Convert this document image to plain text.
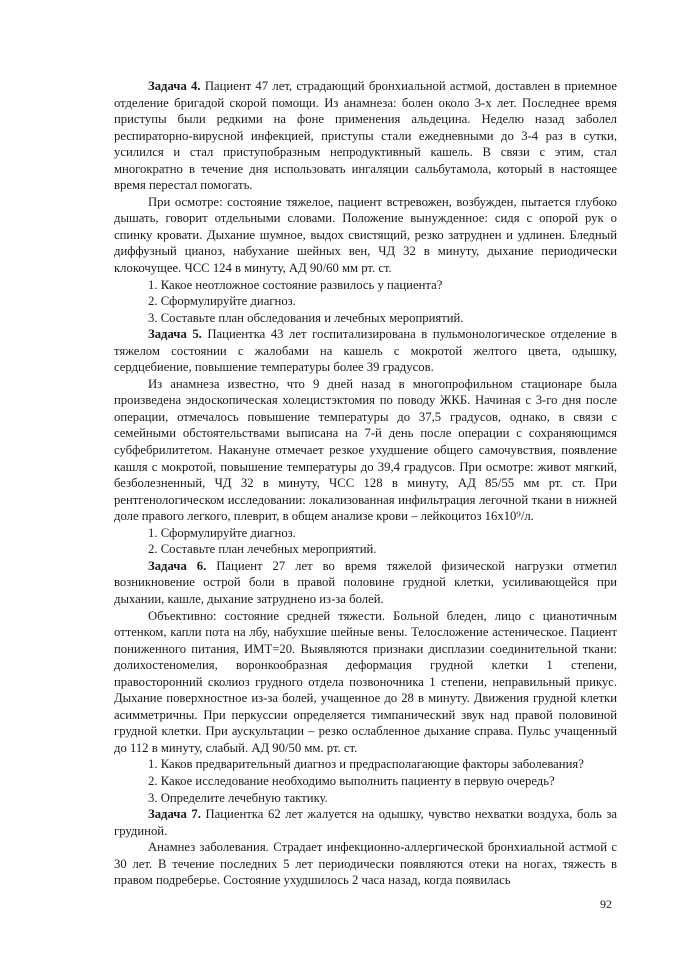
Задача 4. Пациент 47 лет, страдающий бронхиальной астмой, доставлен в приемное отделение бригадой скорой помощи. Из анамнеза: болен около 3-х лет. Последнее время приступы были редкими на фоне применения альдецина. Неделю назад заболел респираторно-вирусной инфекцией, приступы стали ежедневными до 3-4 раз в сутки, усилился и стал приступобразным непродуктивный кашель. В связи с этим, стал многократно в течение дня использовать ингаляции сальбутамола, который в настоящее время перестал помогать.

При осмотре: состояние тяжелое, пациент встревожен, возбужден, пытается глубоко дышать, говорит отдельными словами. Положение вынужденное: сидя с опорой рук о спинку кровати. Дыхание шумное, выдох свистящий, резко затруднен и удлинен. Бледный диффузный цианоз, набухание шейных вен, ЧД 32 в минуту, дыхание периодически клокочущее. ЧСС 124 в минуту, АД 90/60 мм рт. ст.

1. Какое неотложное состояние развилось у пациента?

2. Сформулируйте диагноз.

3. Составьте план обследования и лечебных мероприятий.

Задача 5. Пациентка 43 лет госпитализирована в пульмонологическое отделение в тяжелом состоянии с жалобами на кашель с мокротой желтого цвета, одышку, сердцебиение, повышение температуры более 39 градусов.

Из анамнеза известно, что 9 дней назад в многопрофильном стационаре была произведена эндоскопическая холецистэктомия по поводу ЖКБ. Начиная с 3-го дня после операции, отмечалось повышение температуры до 37,5 градусов, однако, в связи с семейными обстоятельствами выписана на 7-й день после операции с сохраняющимся субфебрилитетом. Накануне отмечает резкое ухудшение общего самочувствия, появление кашля с мокротой, повышение температуры до 39,4 градусов. При осмотре: живот мягкий, безболезненный, ЧД 32 в минуту, ЧСС 128 в минуту, АД 85/55 мм рт. ст. При рентгенологическом исследовании: локализованная инфильтрация легочной ткани в нижней доле правого легкого, плеврит, в общем анализе крови – лейкоцитоз 16х10⁹/л.

1. Сформулируйте диагноз.

2. Составьте план лечебных мероприятий.

Задача 6. Пациент 27 лет во время тяжелой физической нагрузки отметил возникновение острой боли в правой половине грудной клетки, усиливающейся при дыхании, кашле, дыхание затруднено из-за болей.

Объективно: состояние средней тяжести. Больной бледен, лицо с цианотичным оттенком, капли пота на лбу, набухшие шейные вены. Телосложение астеническое. Пациент пониженного питания, ИМТ=20. Выявляются признаки дисплазии соединительной ткани: долихостеномелия, воронкообразная деформация грудной клетки 1 степени, правосторонний сколиоз грудного отдела позвоночника 1 степени, неправильный прикус. Дыхание поверхностное из-за болей, учащенное до 28 в минуту. Движения грудной клетки асимметричны. При перкуссии определяется тимпанический звук над правой половиной грудной клетки. При аускультации – резко ослабленное дыхание справа. Пульс учащенный до 112 в минуту, слабый. АД 90/50 мм. рт. ст.

1. Каков предварительный диагноз и предрасполагающие факторы заболевания?

2. Какое исследование необходимо выполнить пациенту в первую очередь?

3. Определите лечебную тактику.

Задача 7. Пациентка 62 лет жалуется на одышку, чувство нехватки воздуха, боль за грудиной.

Анамнез заболевания. Страдает инфекционно-аллергической бронхиальной астмой с 30 лет. В течение последних 5 лет периодически появляются отеки на ногах, тяжесть в правом подреберье. Состояние ухудшилось 2 часа назад, когда появилась

92
